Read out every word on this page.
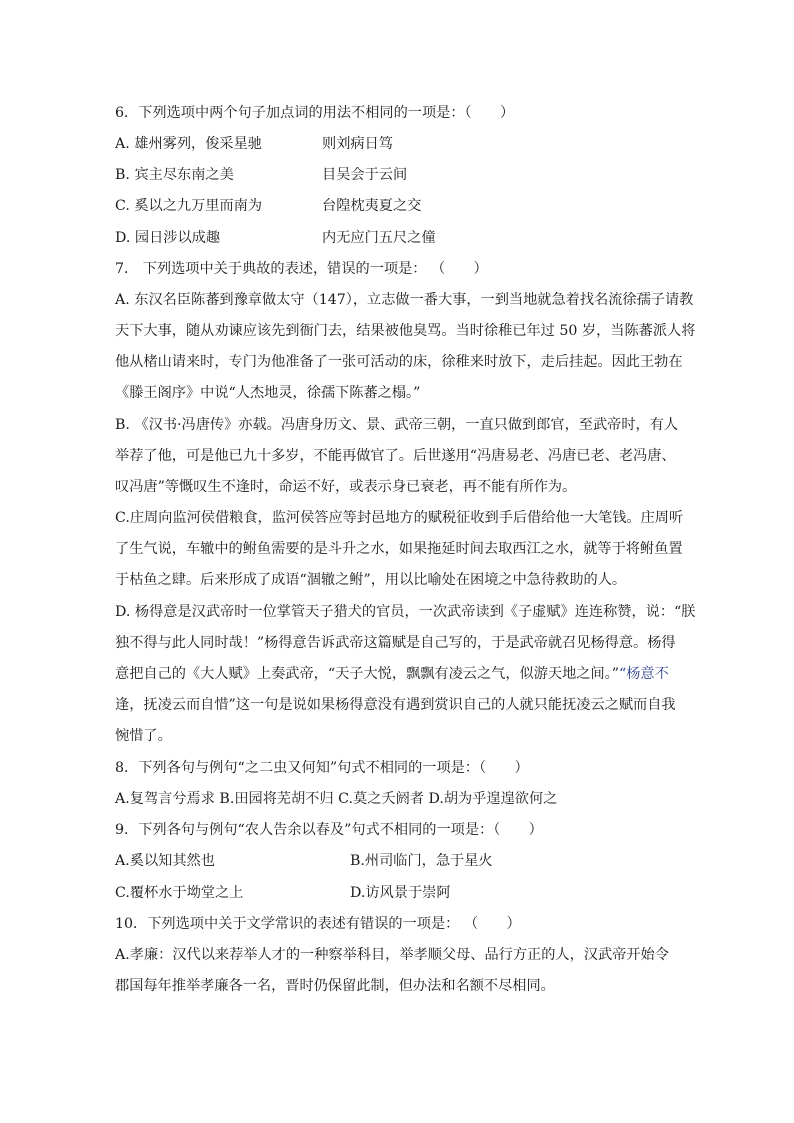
6．下列选项中两个句子加点词的用法不相同的一项是：（　　）
A. 雄州雾列，俊采星驰	则刘病日笃
B. 宾主尽东南之美	目吴会于云间
C. 奚以之九万里而南为	台隍枕夷夏之交
D. 园日涉以成趣	内无应门五尺之僮
7． 下列选项中关于典故的表述，错误的一项是： （　　）
A. 东汉名臣陈蕃到豫章做太守（147），立志做一番大事，一到当地就急着找名流徐孺子请教
天下大事，随从劝谏应该先到衙门去，结果被他臭骂。当时徐稚已年过 50 岁，当陈蕃派人将
他从楮山请来时，专门为他准备了一张可活动的床，徐稚来时放下，走后挂起。因此王勃在
《滕王阁序》中说“人杰地灵，徐孺下陈蕃之榻。”
B. 《汉书·冯唐传》亦载。冯唐身历文、景、武帝三朝，一直只做到郎官，至武帝时，有人
举荐了他，可是他已九十多岁，不能再做官了。后世遂用“冯唐易老、冯唐已老、老冯唐、
叹冯唐”等慨叹生不逢时，命运不好，或表示身已衰老，再不能有所作为。
C.庄周向监河侯借粮食，监河侯答应等封邑地方的赋税征收到手后借给他一大笔钱。庄周听
了生气说，车辙中的鲋鱼需要的是斗升之水，如果拖延时间去取西江之水，就等于将鲋鱼置
于枯鱼之肆。后来形成了成语“涸辙之鲋”，用以比喻处在困境之中急待救助的人。
D. 杨得意是汉武帝时一位掌管天子猎犬的官员，一次武帝读到《子虚赋》连连称赞，说：“朕
独不得与此人同时哉！”杨得意告诉武帝这篇赋是自己写的，于是武帝就召见杨得意。杨得
意把自己的《大人赋》上奏武帝，“天子大悦，飘飘有凌云之气，似游天地之间。”“杨意不
逢，抚凌云而自惜”这一句是说如果杨得意没有遇到赏识自己的人就只能抚凌云之赋而自我
惋惜了。
8．下列各句与例句“之二虫又何知”句式不相同的一项是：（　　）
A.复驾言兮焉求 B.田园将芜胡不归 C.莫之夭阏者 D.胡为乎遑遑欲何之
9．下列各句与例句“农人告余以春及”句式不相同的一项是：（　　）
A.奚以知其然也	B.州司临门，急于星火
C.覆杯水于坳堂之上	D.访风景于崇阿
10．下列选项中关于文学常识的表述有错误的一项是： （　　）
A.孝廉：汉代以来荐举人才的一种察举科目，举孝顺父母、品行方正的人，汉武帝开始令
郡国每年推举孝廉各一名，晋时仍保留此制，但办法和名额不尽相同。
